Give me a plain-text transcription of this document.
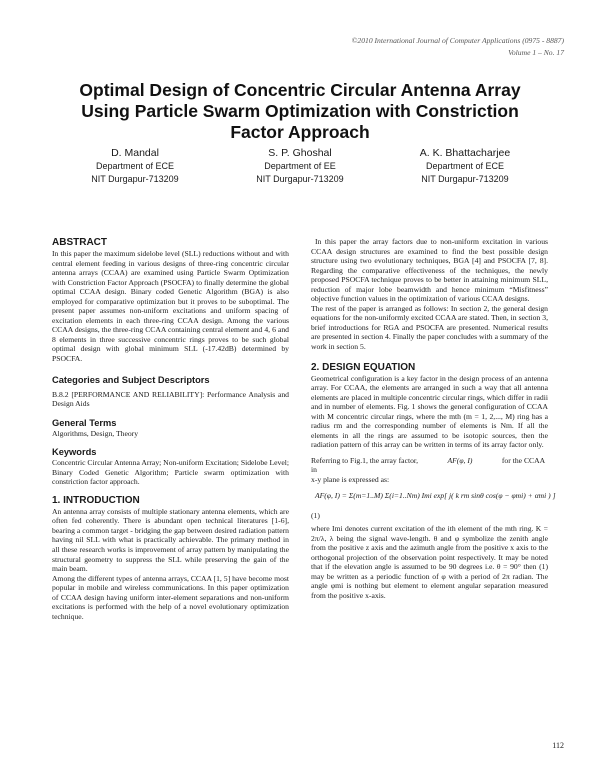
©2010 International Journal of Computer Applications (0975 - 8887)
Volume 1 – No. 17
Optimal Design of Concentric Circular Antenna Array
Using Particle Swarm Optimization with Constriction
Factor Approach
D. Mandal
Department of ECE
NIT Durgapur-713209
S. P. Ghoshal
Department of EE
NIT Durgapur-713209
A. K. Bhattacharjee
Department of ECE
NIT Durgapur-713209
ABSTRACT

In this paper the maximum sidelobe level (SLL) reductions without and with central element feeding in various designs of three-ring concentric circular antenna arrays (CCAA) are examined using Particle Swarm Optimization with Constriction Factor Approach (PSOCFA) to finally determine the global optimal CCAA design. Binary coded Genetic Algorithm (BGA) is also employed for comparative optimization but it proves to be suboptimal. The present paper assumes non-uniform excitations and uniform spacing of excitation elements in each three-ring CCAA design. Among the various CCAA designs, the three-ring CCAA containing central element and 4, 6 and 8 elements in three successive concentric rings proves to be such global optimal design with global minimum SLL (-17.42dB) determined by PSOCFA.

Categories and Subject Descriptors

B.8.2 [PERFORMANCE AND RELIABILITY]: Performance Analysis and Design Aids

General Terms

Algorithms, Design, Theory

Keywords

Concentric Circular Antenna Array; Non-uniform Excitation; Sidelobe Level; Binary Coded Genetic Algorithm; Particle swarm optimization with constriction factor approach.

1. INTRODUCTION

An antenna array consists of multiple stationary antenna elements, which are often fed coherently. There is abundant open technical literatures [1-6], bearing a common target - bridging the gap between desired radiation pattern having nil SLL with what is practically achievable. The primary method in all these research works is improvement of array pattern by manipulating the structural geometry to suppress the SLL while preserving the gain of the main beam.

Among the different types of antenna arrays, CCAA [1, 5] have become most popular in mobile and wireless communications. In this paper optimization of CCAA design having uniform inter-element separations and non-uniform excitations is performed with the help of a novel evolutionary optimization technique.

In this paper the array factors due to non-uniform excitation in various CCAA design structures are examined to find the best possible design structure using two evolutionary techniques, BGA [4] and PSOCFA [7, 8]. Regarding the comparative effectiveness of the techniques, the newly proposed PSOCFA technique proves to be better in attaining minimum SLL, reduction of major lobe beamwidth and hence minimum “Misfitness” objective function values in the optimization of various CCAA designs.

The rest of the paper is arranged as follows: In section 2, the general design equations for the non-uniformly excited CCAA are stated. Then, in section 3, brief introductions for RGA and PSOCFA are presented. Numerical results are presented in section 4. Finally the paper concludes with a summary of the work in section 5.

2. DESIGN EQUATION

Geometrical configuration is a key factor in the design process of an antenna array. For CCAA, the elements are arranged in such a way that all antenna elements are placed in multiple concentric circular rings, which differ in radii and in number of elements. Fig. 1 shows the general configuration of CCAA with M concentric circular rings, where the mth (m = 1, 2,..., M) ring has a radius rm and the corresponding number of elements is Nm. If all the elements in all the rings are assumed to be isotopic sources, then the radiation pattern of this array can be written in terms of its array factor only.

Referring to Fig.1, the array factor,	AF(φ, I)	for the CCAA in

x-y plane is expressed as:

AF(φ, I) = Σ(m=1..M) Σ(i=1..Nm) Imi exp[ j( k rm sinθ cos(φ − φmi) + αmi ) ]

(1)

where Imi denotes current excitation of the ith element of the mth ring. K = 2π/λ, λ being the signal wave-length. θ and φ symbolize the zenith angle from the positive z axis and the azimuth angle from the positive x axis to the orthogonal projection of the observation point respectively. It may be noted that if the elevation angle is assumed to be 90 degrees i.e. θ = 90° then (1) may be written as a periodic function of φ with a period of 2π radian. The angle φmi is nothing but element to element angular separation measured from the positive x-axis.

112
